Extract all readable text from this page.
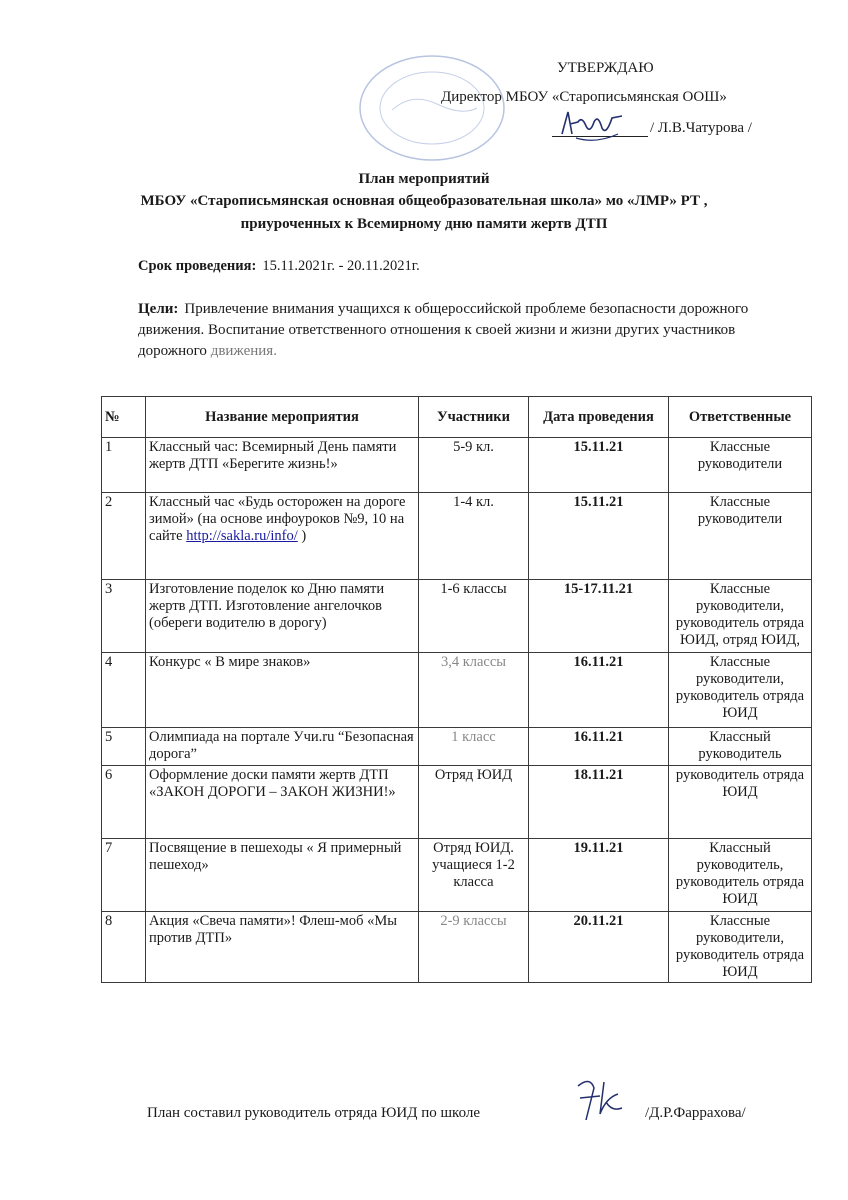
УТВЕРЖДАЮ
Директор МБОУ «Старописьмянская ООШ»
/ Л.В.Чатурова /
План мероприятий
МБОУ «Старописьмянская основная общеобразовательная школа» мо «ЛМР» РТ ,
приуроченных к Всемирному дню памяти жертв ДТП
Срок проведения: 15.11.2021г. - 20.11.2021г.
Цели: Привлечение внимания учащихся к общероссийской проблеме безопасности дорожного движения. Воспитание ответственного отношения к своей жизни и жизни других участников дорожного движения.
№	Название мероприятия	Участники	Дата проведения	Ответственные
1	Классный час: Всемирный День памяти жертв ДТП «Берегите жизнь!»	5-9 кл.	15.11.21	Классные руководители
2	Классный час «Будь осторожен на дороге зимой» (на основе инфоуроков №9, 10 на сайте http://sakla.ru/info/ )	1-4 кл.	15.11.21	Классные руководители
3	Изготовление поделок ко Дню памяти жертв ДТП. Изготовление ангелочков (обереги водителю в дорогу)	1-6 классы	15-17.11.21	Классные руководители, руководитель отряда ЮИД, отряд ЮИД,
4	Конкурс « В мире знаков»	3,4 классы	16.11.21	Классные руководители, руководитель отряда ЮИД
5	Олимпиада на портале Учи.ru “Безопасная дорога”	1 класс	16.11.21	Классный руководитель
6	Оформление доски памяти жертв ДТП «ЗАКОН ДОРОГИ – ЗАКОН ЖИЗНИ!»	Отряд ЮИД	18.11.21	руководитель отряда ЮИД
7	Посвящение в пешеходы « Я примерный пешеход»	Отряд ЮИД. учащиеся 1-2 класса	19.11.21	Классный руководитель, руководитель отряда ЮИД
8	Акция «Свеча памяти»! Флеш-моб «Мы против ДТП»	2-9 классы	20.11.21	Классные руководители, руководитель отряда ЮИД
План составил руководитель отряда ЮИД по школе	/Д.Р.Фаррахова/
